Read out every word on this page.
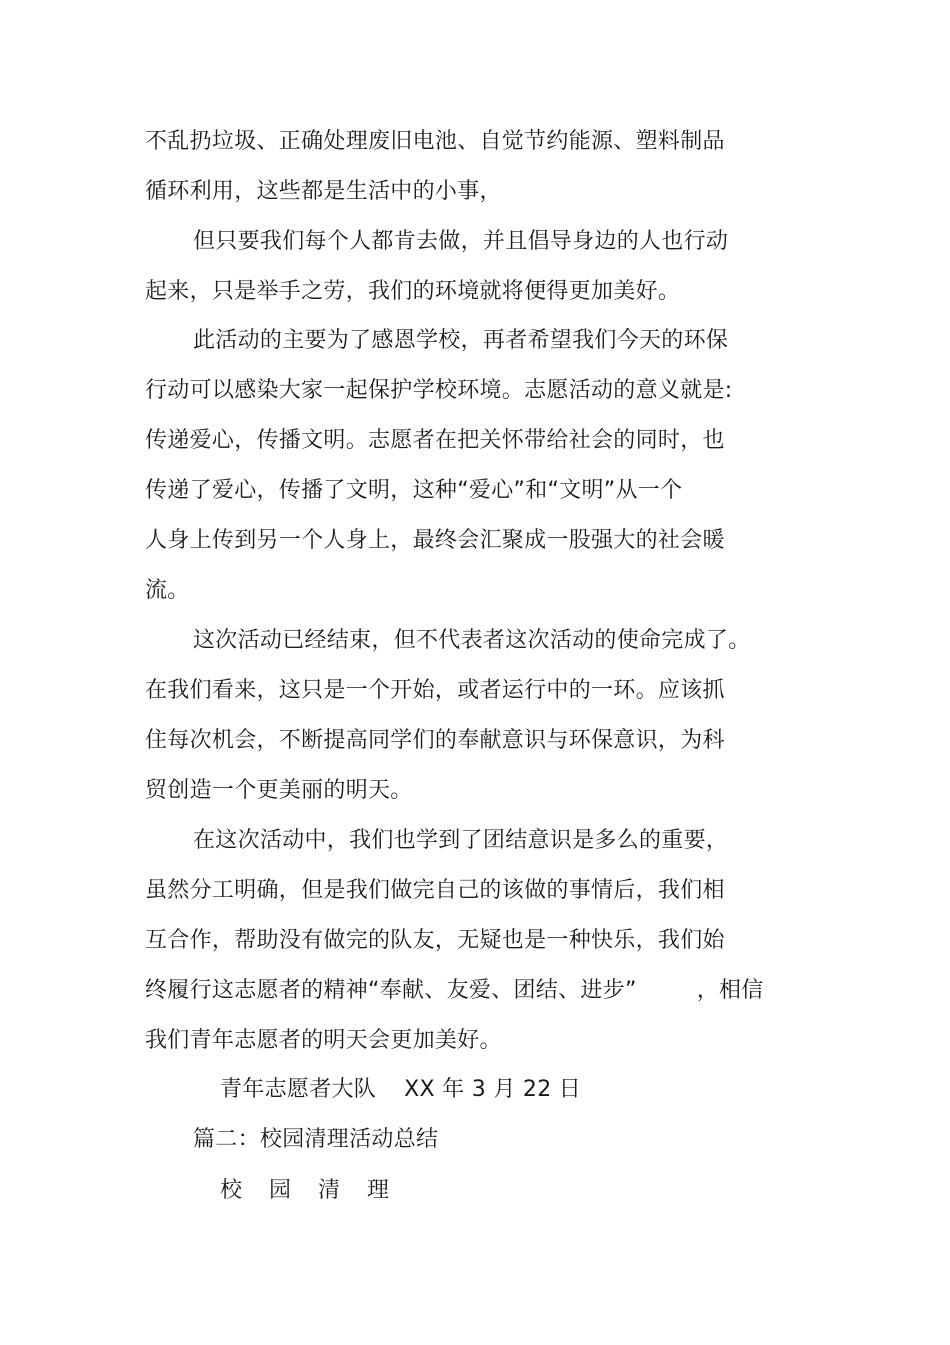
不乱扔垃圾、正确处理废旧电池、自觉节约能源、塑料制品
循环利用，这些都是生活中的小事，
但只要我们每个人都肯去做，并且倡导身边的人也行动
起来，只是举手之劳，我们的环境就将便得更加美好。
此活动的主要为了感恩学校，再者希望我们今天的环保
行动可以感染大家一起保护学校环境。志愿活动的意义就是:
传递爱心，传播文明。志愿者在把关怀带给社会的同时，也
传递了爱心，传播了文明，这种“爱心”和“文明”从一个
人身上传到另一个人身上，最终会汇聚成一股强大的社会暖
流。
这次活动已经结束，但不代表者这次活动的使命完成了。
在我们看来，这只是一个开始，或者运行中的一环。应该抓
住每次机会，不断提高同学们的奉献意识与环保意识，为科
贸创造一个更美丽的明天。
在这次活动中，我们也学到了团结意识是多么的重要，
虽然分工明确，但是我们做完自己的该做的事情后，我们相
互合作，帮助没有做完的队友，无疑也是一种快乐，我们始
终履行这志愿者的精神“奉献、友爱、团结、进步”	，相信
我们青年志愿者的明天会更加美好。
青年志愿者大队 XX 年 3 月 22 日
篇二：校园清理活动总结
校 园 清 理
